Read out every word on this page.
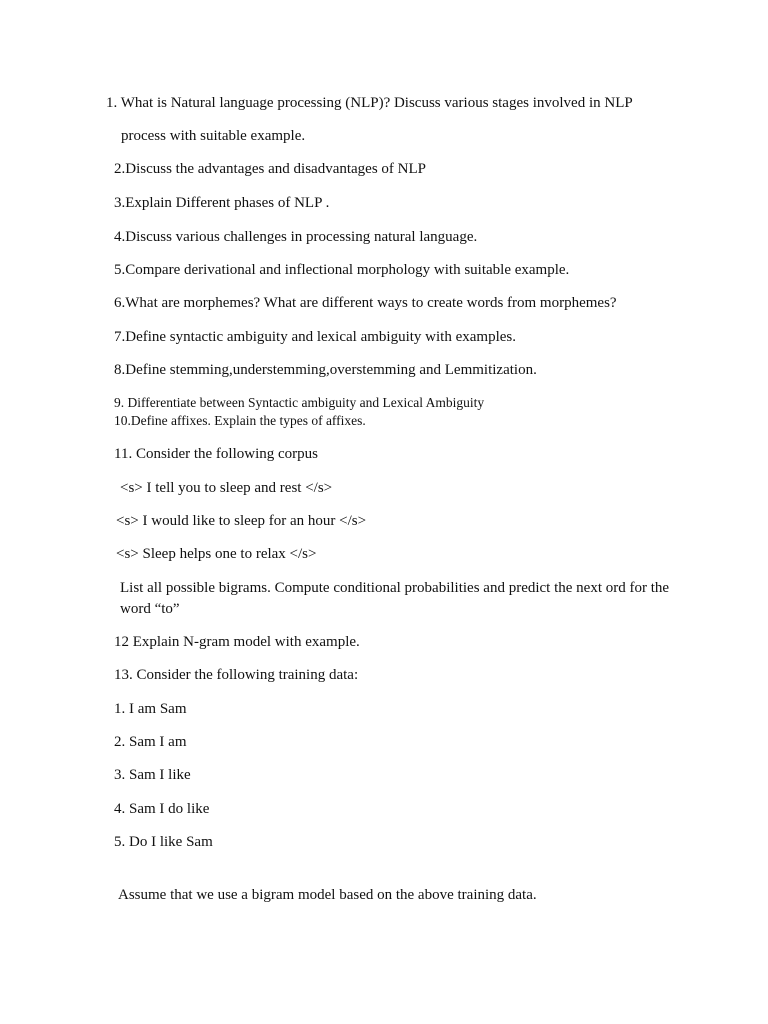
1. What is Natural language processing (NLP)? Discuss various stages involved in NLP
process with suitable example.
2.Discuss the advantages and disadvantages of NLP
3.Explain Different phases of NLP .
4.Discuss various challenges in processing natural language.
5.Compare derivational and inflectional morphology with suitable example.
6.What are morphemes? What are different ways to create words from morphemes?
7.Define syntactic ambiguity and lexical ambiguity with examples.
8.Define stemming,understemming,overstemming and Lemmitization.
9. Differentiate between Syntactic ambiguity and Lexical Ambiguity
10.Define affixes. Explain the types of affixes.
11. Consider the following corpus
<s> I tell you to sleep and rest </s>
<s> I would like to sleep for an hour </s>
<s> Sleep helps one to relax </s>
List all possible bigrams. Compute conditional probabilities and predict the next ord for the
word “to”
12 Explain N-gram model with example.
13. Consider the following training data:
1. I am Sam
2. Sam I am
3. Sam I like
4. Sam I do like
5. Do I like Sam
Assume that we use a bigram model based on the above training data.
